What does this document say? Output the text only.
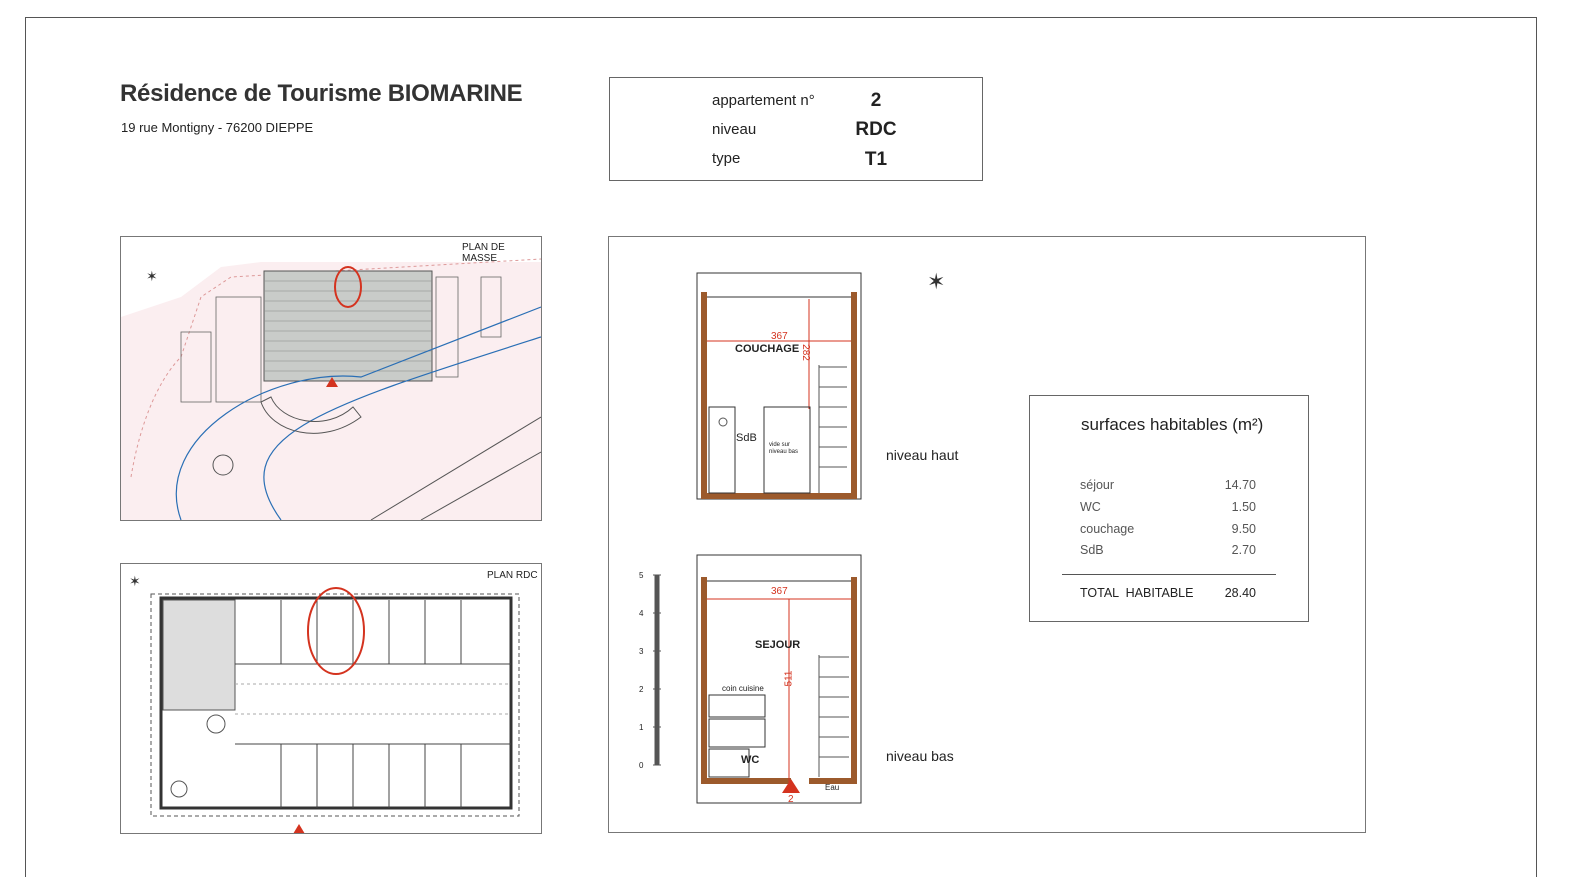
Résidence de Tourisme BIOMARINE
19 rue Montigny - 76200 DIEPPE
appartement n°	2
niveau	RDC
type	T1
✶
PLAN DE MASSE
✶	PLAN RDC
✶
367
282
COUCHAGE
SdB
vide sur niveau bas
367
511
SEJOUR
coin cuisine
WC
2
Eau
5
4
3
2
1
0
niveau haut
niveau bas
surfaces habitables (m²)
séjour	14.70
WC	1.50
couchage	9.50
SdB	2.70
TOTAL  HABITABLE	28.40
